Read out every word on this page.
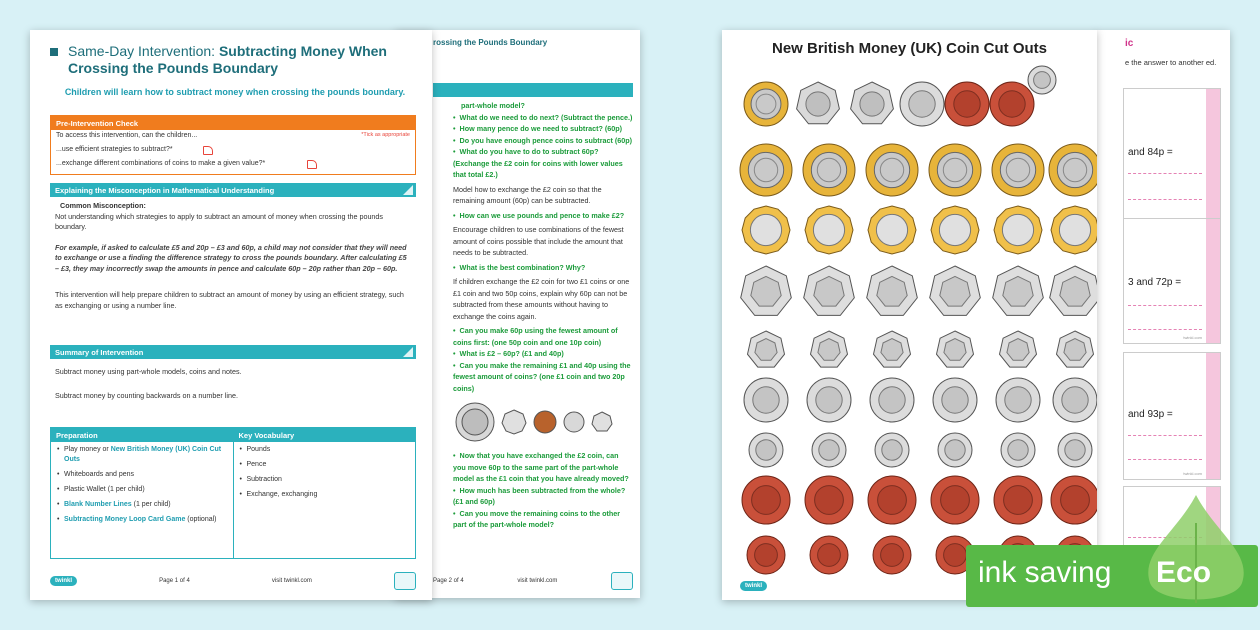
ic
e the answer to another ed.
and 84p =
3 and 72p =
twinkl.com
and 93p =
twinkl.com
New British Money (UK) Coin Cut Outs
twinkl
rossing the Pounds Boundary
part-whole model?
• What do we need to do next? (Subtract the pence.)
• How many pence do we need to subtract? (60p)
• Do you have enough pence coins to subtract (60p)
• What do you have to do to subtract 60p? (Exchange the £2 coin for coins with lower values that total £2.)
Model how to exchange the £2 coin so that the remaining amount (60p) can be subtracted.
• How can we use pounds and pence to make £2?
Encourage children to use combinations of the fewest amount of coins possible that include the amount that needs to be subtracted.
• What is the best combination? Why?
If children exchange the £2 coin for two £1 coins or one £1 coin and two 50p coins, explain why 60p can not be subtracted from these amounts without having to exchange the coins again.
• Can you make 60p using the fewest amount of coins first: (one 50p coin and one 10p coin)
• What is £2 – 60p? (£1 and 40p)
• Can you make the remaining £1 and 40p using the fewest amount of coins? (one £1 coin and two 20p coins)
• Now that you have exchanged the £2 coin, can you move 60p to the same part of the part-whole model as the £1 coin that you have already moved?
• How much has been subtracted from the whole? (£1 and 60p)
• Can you move the remaining coins to the other part of the part-whole model?
Page 2 of 4	visit twinkl.com
Same-Day Intervention: Subtracting Money When Crossing the Pounds Boundary
Children will learn how to subtract money when crossing the pounds boundary.
Pre-Intervention Check
To access this intervention, can the children...	*Tick as appropriate
...use efficient strategies to subtract?*
...exchange different combinations of coins to make a given value?*
Explaining the Misconception in Mathematical Understanding

Common Misconception:

Not understanding which strategies to apply to subtract an amount of money when crossing the pounds boundary.

For example, if asked to calculate £5 and 20p – £3 and 60p, a child may not consider that they will need to exchange or use a finding the difference strategy to cross the pounds boundary. After calculating £5 – £3, they may incorrectly swap the amounts in pence and calculate 60p – 20p rather than 20p – 60p.

This intervention will help prepare children to subtract an amount of money by using an efficient strategy, such as exchanging or using a number line.

Summary of Intervention

Subtract money using part-whole models, coins and notes.

Subtract money by counting backwards on a number line.

Preparation
• Play money or New British Money (UK) Coin Cut Outs
• Whiteboards and pens
• Plastic Wallet (1 per child)
• Blank Number Lines (1 per child)
• Subtracting Money Loop Card Game (optional)
Key Vocabulary
• Pounds
• Pence
• Subtraction
• Exchange, exchanging
twinkl	Page 1 of 4	visit twinkl.com	ink saving Eco
